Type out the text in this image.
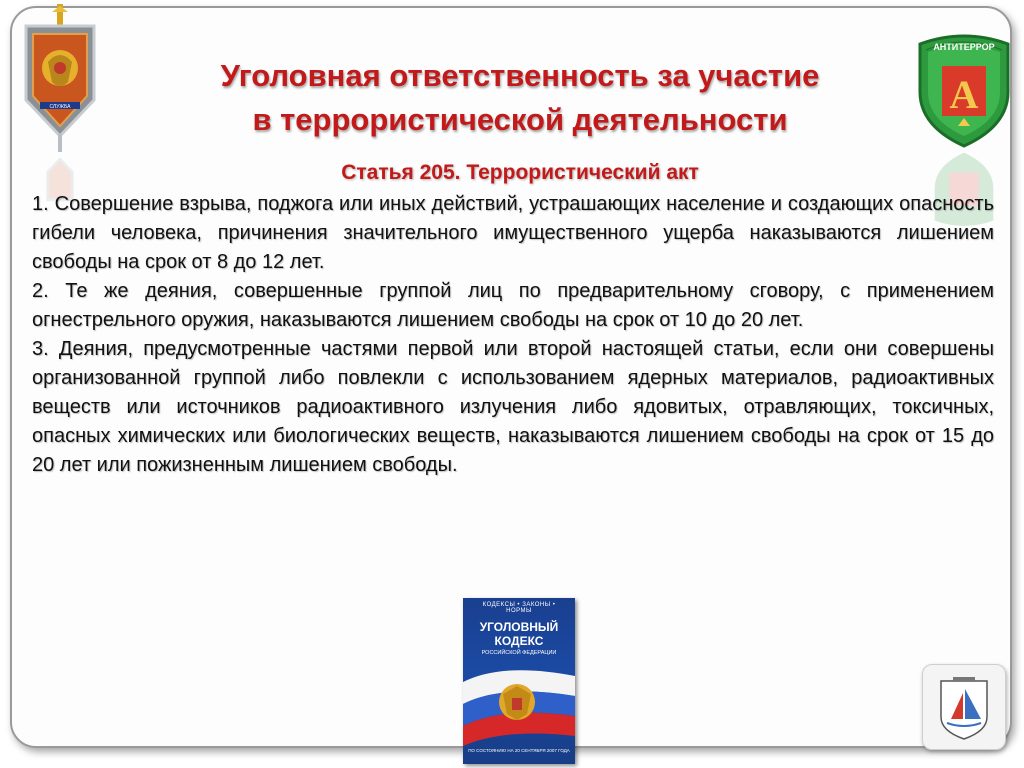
СЛУЖБА
АНТИТЕРРОР
А
Уголовная ответственность за участие
в террористической деятельности
Статья 205. Террористический акт

1. Совершение взрыва, поджога или иных действий, устрашающих население и создающих опасность гибели человека, причинения значительного имущественного ущерба наказываются лишением свободы на срок от 8 до 12 лет.

2. Те же деяния, совершенные группой лиц по предварительному сговору, с применением огнестрельного оружия, наказываются лишением свободы на срок от 10 до 20 лет.

3. Деяния, предусмотренные частями первой или второй настоящей статьи, если они совершены организованной группой либо повлекли с использованием ядерных материалов, радиоактивных веществ или источников радиоактивного излучения либо ядовитых, отравляющих, токсичных, опасных химических или биологических веществ, наказываются лишением свободы на срок от 15 до 20 лет или пожизненным лишением свободы.

КОДЕКСЫ • ЗАКОНЫ • НОРМЫ
УГОЛОВНЫЙ
КОДЕКС
РОССИЙСКОЙ ФЕДЕРАЦИИ
ПО СОСТОЯНИЮ НА 20 СЕНТЯБРЯ 2007 ГОДА
